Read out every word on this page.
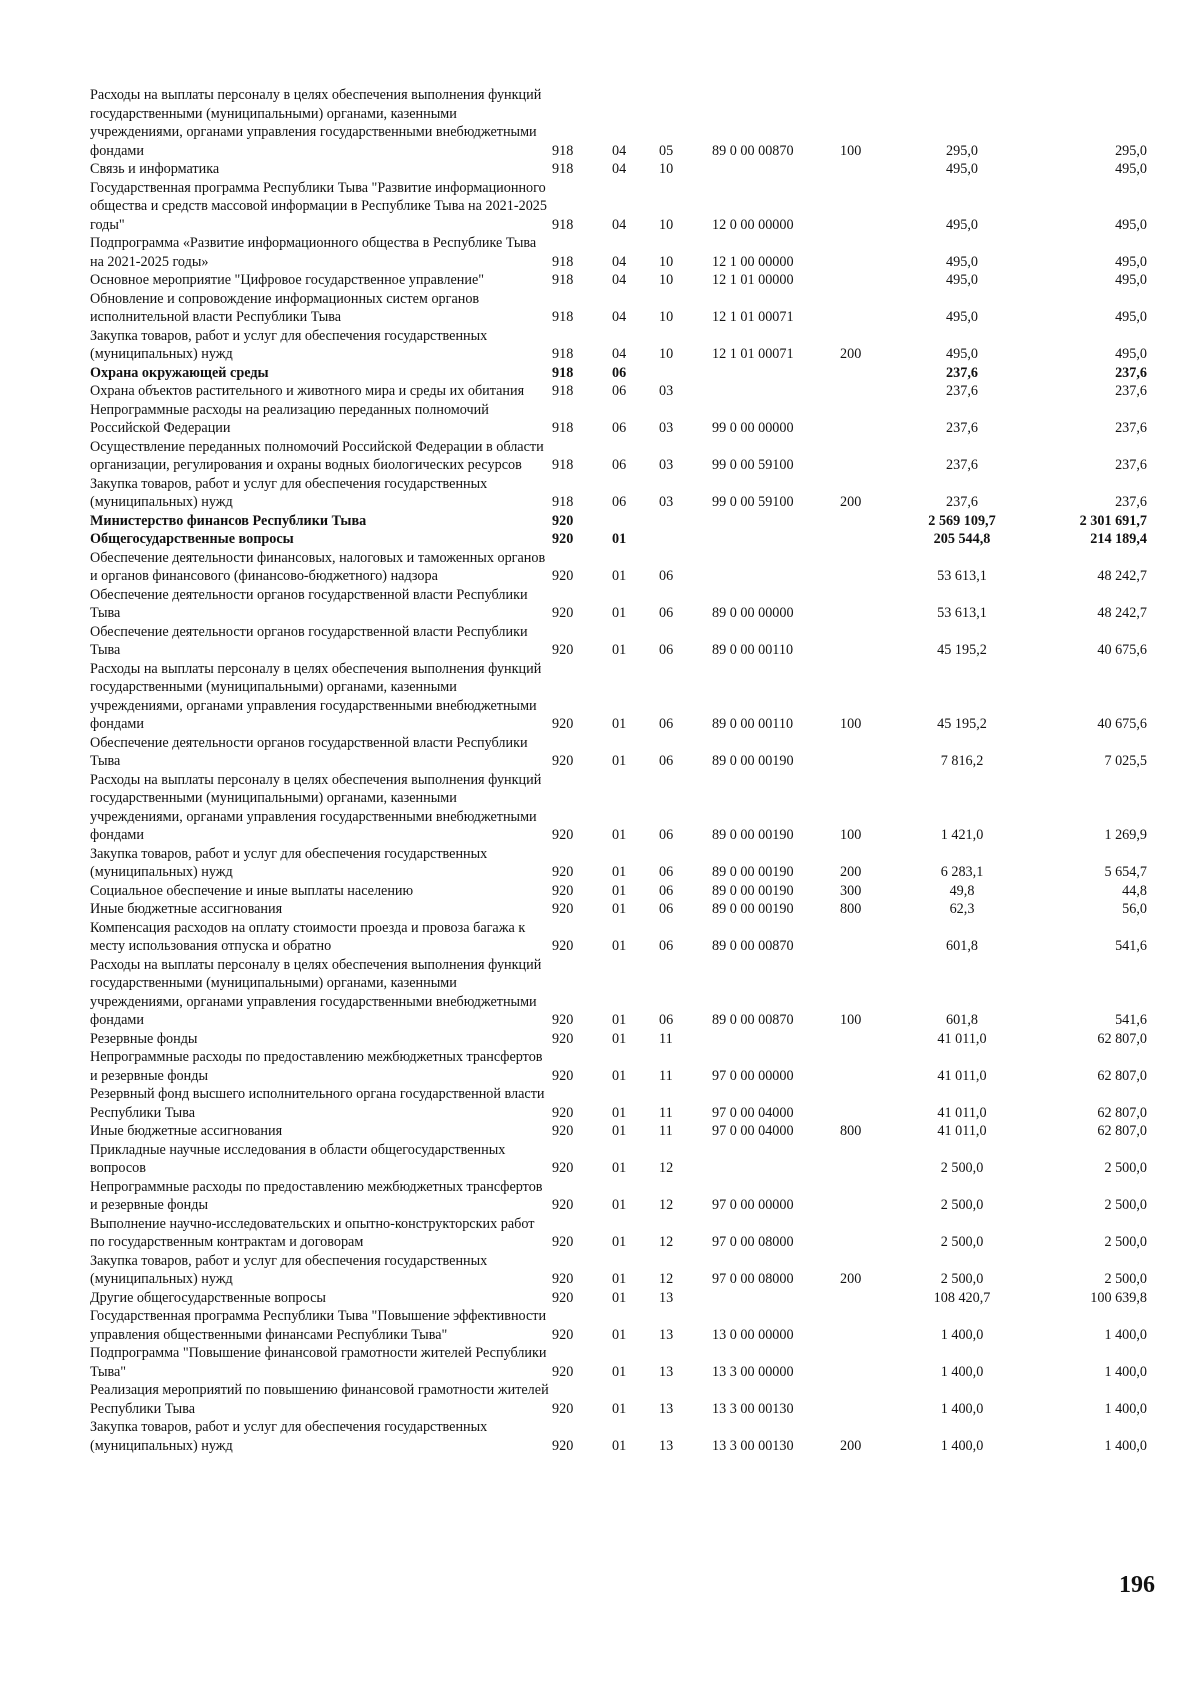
Расходы на выплаты персоналу в целях обеспечения выполнения функций государственными (муниципальными) органами, казенными учреждениями, органами управления государственными внебюджетными фондами	918	04	05	89 0 00 00870	100	295,0	295,0
Связь и информатика	918	04	10			495,0	495,0
Государственная программа Республики Тыва "Развитие информационного общества и средств массовой информации в Республике Тыва на 2021-2025 годы"	918	04	10	12 0 00 00000		495,0	495,0
Подпрограмма «Развитие информационного общества в Республике Тыва на 2021-2025 годы»	918	04	10	12 1 00 00000		495,0	495,0
Основное мероприятие "Цифровое государственное управление"	918	04	10	12 1 01 00000		495,0	495,0
Обновление и сопровождение информационных систем органов исполнительной власти Республики Тыва	918	04	10	12 1 01 00071		495,0	495,0
Закупка товаров, работ и услуг для обеспечения государственных (муниципальных) нужд	918	04	10	12 1 01 00071	200	495,0	495,0
Охрана окружающей среды	918	06				237,6	237,6
Охрана объектов растительного и животного мира и среды их обитания	918	06	03			237,6	237,6
Непрограммные расходы на реализацию переданных полномочий Российской Федерации	918	06	03	99 0 00 00000		237,6	237,6
Осуществление переданных полномочий Российской Федерации в области организации, регулирования и охраны водных биологических ресурсов	918	06	03	99 0 00 59100		237,6	237,6
Закупка товаров, работ и услуг для обеспечения государственных (муниципальных) нужд	918	06	03	99 0 00 59100	200	237,6	237,6
Министерство финансов Республики Тыва	920					2 569 109,7	2 301 691,7
Общегосударственные вопросы	920	01				205 544,8	214 189,4
Обеспечение деятельности финансовых, налоговых и таможенных органов и органов финансового (финансово-бюджетного) надзора	920	01	06			53 613,1	48 242,7
Обеспечение деятельности органов государственной власти Республики Тыва	920	01	06	89 0 00 00000		53 613,1	48 242,7
Обеспечение деятельности органов государственной власти Республики Тыва	920	01	06	89 0 00 00110		45 195,2	40 675,6
Расходы на выплаты персоналу в целях обеспечения выполнения функций государственными (муниципальными) органами, казенными учреждениями, органами управления государственными внебюджетными фондами	920	01	06	89 0 00 00110	100	45 195,2	40 675,6
Обеспечение деятельности органов государственной власти Республики Тыва	920	01	06	89 0 00 00190		7 816,2	7 025,5
Расходы на выплаты персоналу в целях обеспечения выполнения функций государственными (муниципальными) органами, казенными учреждениями, органами управления государственными внебюджетными фондами	920	01	06	89 0 00 00190	100	1 421,0	1 269,9
Закупка товаров, работ и услуг для обеспечения государственных (муниципальных) нужд	920	01	06	89 0 00 00190	200	6 283,1	5 654,7
Социальное обеспечение и иные выплаты населению	920	01	06	89 0 00 00190	300	49,8	44,8
Иные бюджетные ассигнования	920	01	06	89 0 00 00190	800	62,3	56,0
Компенсация расходов на оплату стоимости проезда и провоза багажа к месту использования отпуска и обратно	920	01	06	89 0 00 00870		601,8	541,6
Расходы на выплаты персоналу в целях обеспечения выполнения функций государственными (муниципальными) органами, казенными учреждениями, органами управления государственными внебюджетными фондами	920	01	06	89 0 00 00870	100	601,8	541,6
Резервные фонды	920	01	11			41 011,0	62 807,0
Непрограммные расходы по предоставлению межбюджетных трансфертов и резервные фонды	920	01	11	97 0 00 00000		41 011,0	62 807,0
Резервный фонд высшего исполнительного органа государственной власти Республики Тыва	920	01	11	97 0 00 04000		41 011,0	62 807,0
Иные бюджетные ассигнования	920	01	11	97 0 00 04000	800	41 011,0	62 807,0
Прикладные научные исследования в области общегосударственных вопросов	920	01	12			2 500,0	2 500,0
Непрограммные расходы по предоставлению межбюджетных трансфертов и резервные фонды	920	01	12	97 0 00 00000		2 500,0	2 500,0
Выполнение научно-исследовательских и опытно-конструкторских работ по государственным контрактам и договорам	920	01	12	97 0 00 08000		2 500,0	2 500,0
Закупка товаров, работ и услуг для обеспечения государственных (муниципальных) нужд	920	01	12	97 0 00 08000	200	2 500,0	2 500,0
Другие общегосударственные вопросы	920	01	13			108 420,7	100 639,8
Государственная программа Республики Тыва "Повышение эффективности управления общественными финансами Республики Тыва"	920	01	13	13 0 00 00000		1 400,0	1 400,0
Подпрограмма "Повышение финансовой грамотности жителей Республики Тыва"	920	01	13	13 3 00 00000		1 400,0	1 400,0
Реализация мероприятий по повышению финансовой грамотности жителей Республики Тыва	920	01	13	13 3 00 00130		1 400,0	1 400,0
Закупка товаров, работ и услуг для обеспечения государственных (муниципальных) нужд	920	01	13	13 3 00 00130	200	1 400,0	1 400,0
196
